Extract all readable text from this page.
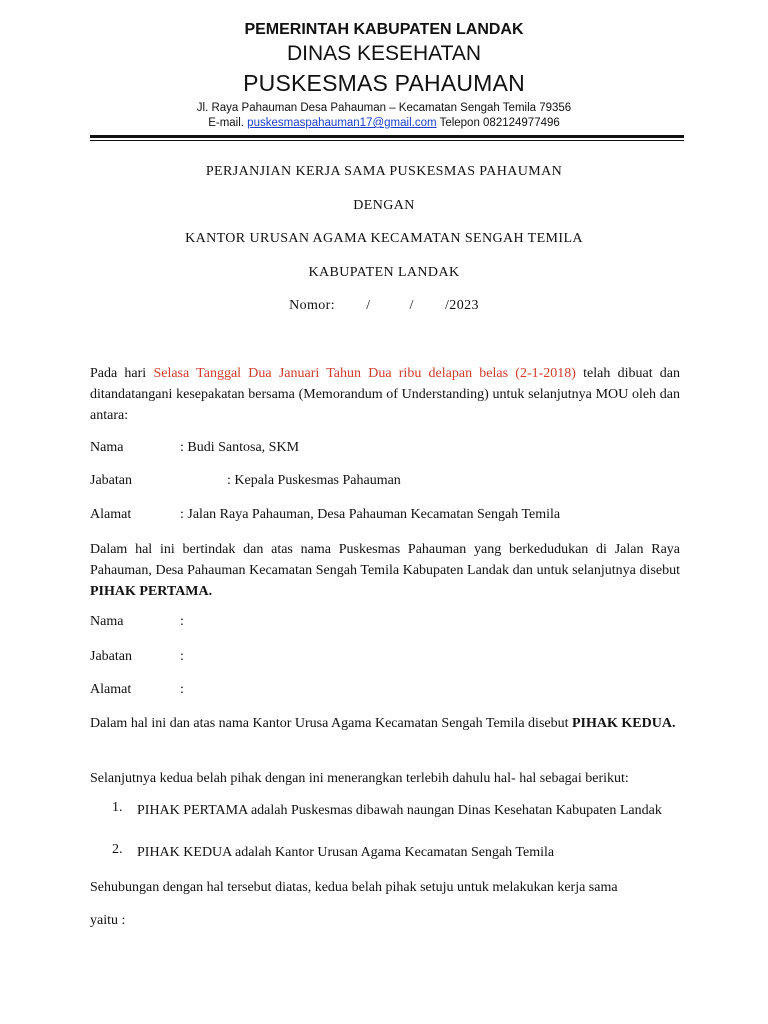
PEMERINTAH KABUPATEN LANDAK
DINAS KESEHATAN
PUSKESMAS PAHAUMAN
Jl. Raya Pahauman Desa Pahauman – Kecamatan Sengah Temila 79356
E-mail. puskesmaspahauman17@gmail.com Telepon 082124977496
PERJANJIAN KERJA SAMA PUSKESMAS PAHAUMAN
DENGAN
KANTOR URUSAN AGAMA KECAMATAN SENGAH TEMILA
KABUPATEN LANDAK
Nomor:        /          /        /2023
Pada hari Selasa Tanggal Dua Januari Tahun Dua ribu delapan belas (2-1-2018) telah dibuat dan ditandatangani kesepakatan bersama (Memorandum of Understanding) untuk selanjutnya MOU oleh dan antara:
Nama	: Budi Santosa, SKM
Jabatan	: Kepala Puskesmas Pahauman
Alamat	: Jalan Raya Pahauman, Desa Pahauman Kecamatan Sengah Temila
Dalam hal ini bertindak dan atas nama Puskesmas Pahauman yang berkedudukan di Jalan Raya Pahauman, Desa Pahauman Kecamatan Sengah Temila Kabupaten Landak dan untuk selanjutnya disebut PIHAK PERTAMA.
Nama	:
Jabatan	:
Alamat	:
Dalam hal ini dan atas nama Kantor Urusa Agama Kecamatan Sengah Temila disebut PIHAK KEDUA.
Selanjutnya kedua belah pihak dengan ini menerangkan terlebih dahulu hal- hal sebagai berikut:
1. PIHAK PERTAMA adalah Puskesmas dibawah naungan Dinas Kesehatan Kabupaten Landak
2. PIHAK KEDUA adalah Kantor Urusan Agama Kecamatan Sengah Temila
Sehubungan dengan hal tersebut diatas, kedua belah pihak setuju untuk melakukan kerja sama
yaitu :
